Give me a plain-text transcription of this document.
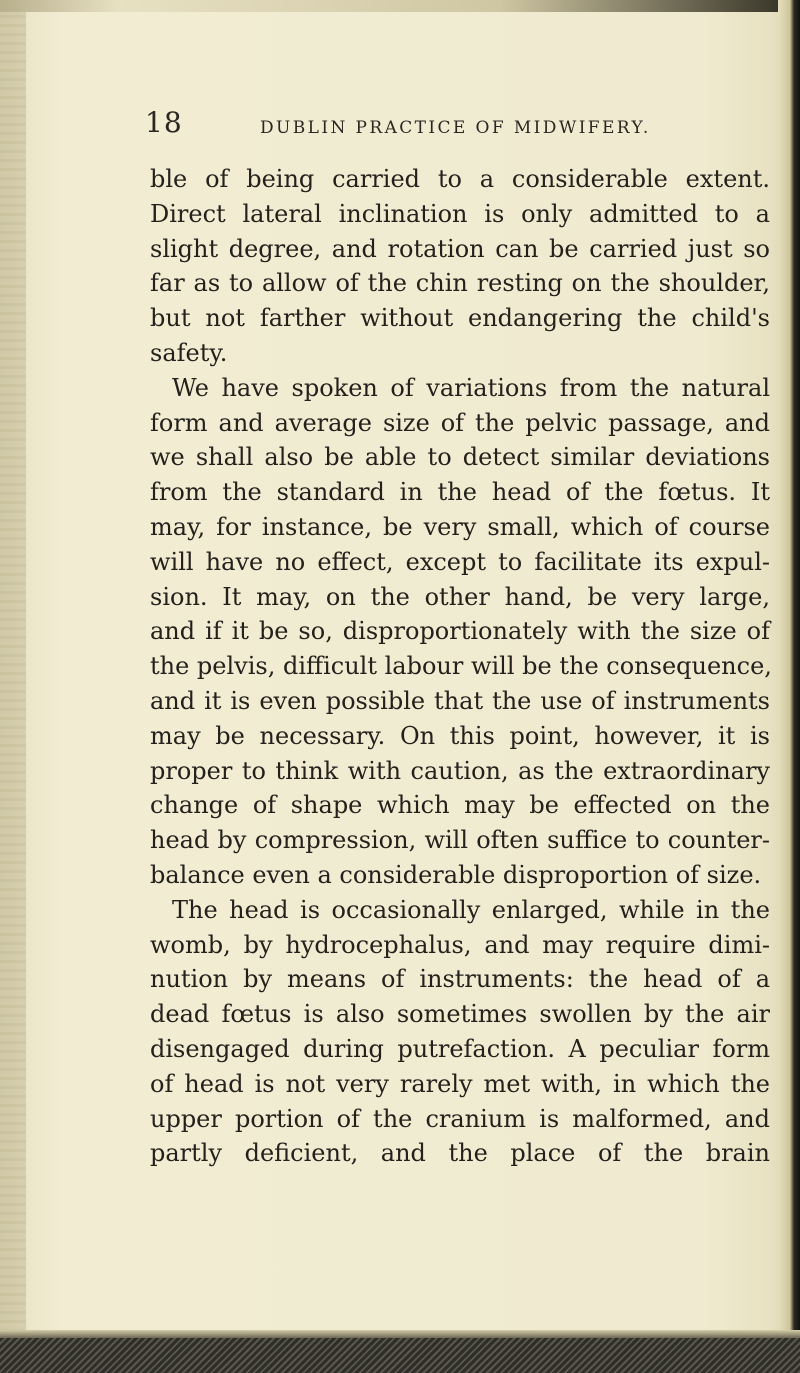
18	DUBLIN PRACTICE OF MIDWIFERY.
ble of being carried to a considerable extent.
Direct lateral inclination is only admitted to a
slight degree, and rotation can be carried just so
far as to allow of the chin resting on the shoulder,
but not farther without endangering the child's
safety.
We have spoken of variations from the natural
form and average size of the pelvic passage, and
we shall also be able to detect similar deviations
from the standard in the head of the fœtus. It
may, for instance, be very small, which of course
will have no effect, except to facilitate its expul-
sion. It may, on the other hand, be very large,
and if it be so, disproportionately with the size of
the pelvis, difficult labour will be the consequence,
and it is even possible that the use of instruments
may be necessary. On this point, however, it is
proper to think with caution, as the extraordinary
change of shape which may be effected on the
head by compression, will often suffice to counter-
balance even a considerable disproportion of size.
The head is occasionally enlarged, while in the
womb, by hydrocephalus, and may require dimi-
nution by means of instruments: the head of a
dead fœtus is also sometimes swollen by the air
disengaged during putrefaction. A peculiar form
of head is not very rarely met with, in which the
upper portion of the cranium is malformed, and
partly deficient, and the place of the brain
